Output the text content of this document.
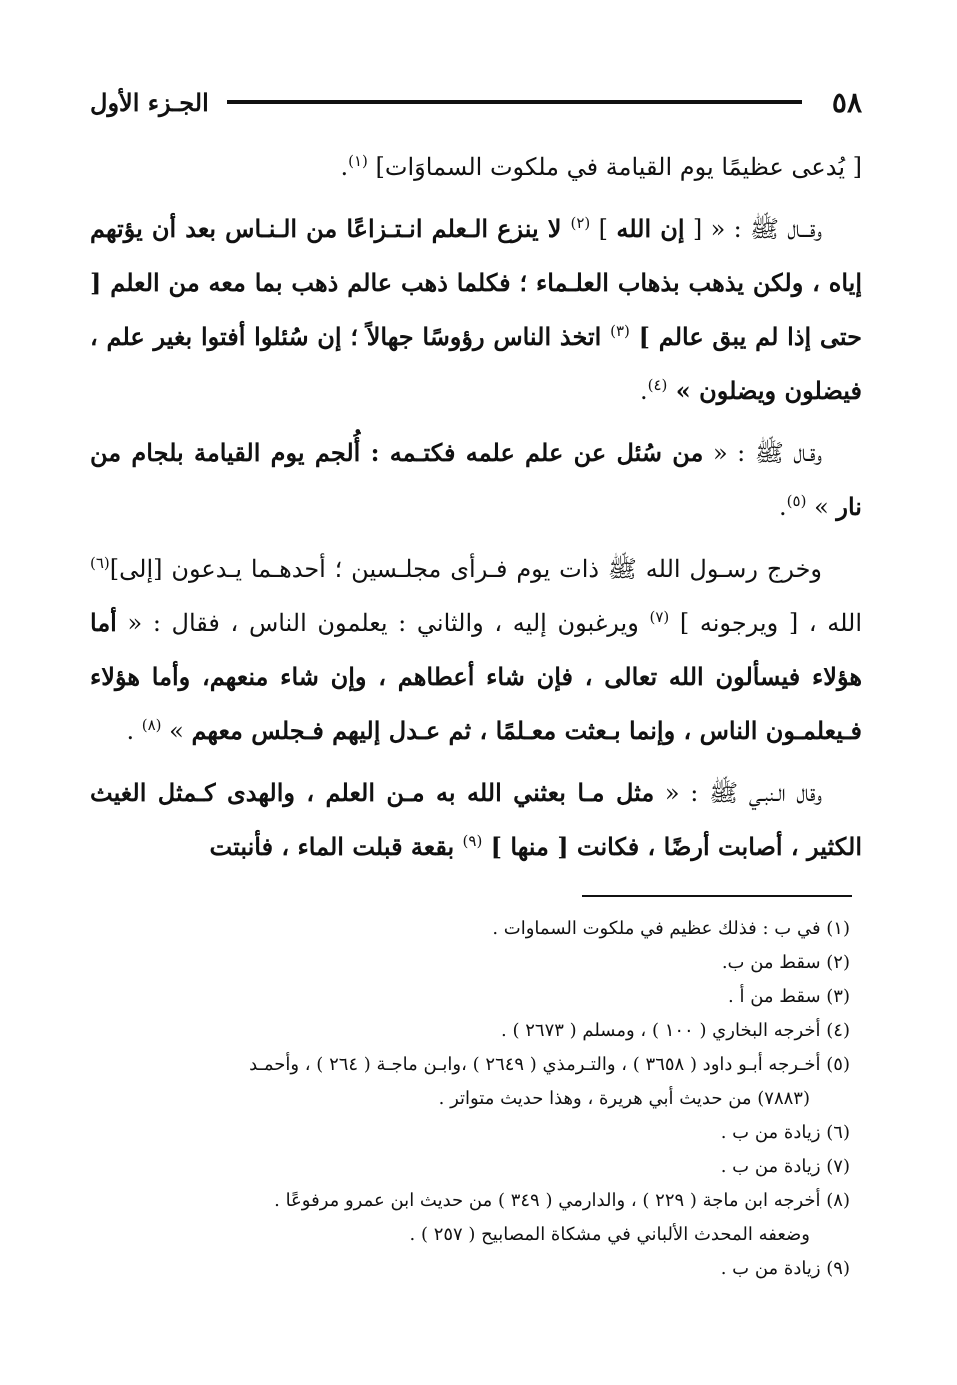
٥٨
الجـزء الأول

[ يُدعى عظيمًا يوم القيامة في ملكوت السماوَات] $^{(١)}$.

وقـــال ﷺ : « [ إن الله ] $^{(٢)}$ لا ينزع الـعلم انـتـزاعًا من الـنـاس بعد أن يؤتهم إياه ، ولكن يذهب بذهاب العلـماء ؛ فكلما ذهب عالم ذهب بما معه من العلم [ حتى إذا لم يبق عالم ] $^{(٣)}$ اتخذ الناس رؤوسًا جهالاً ؛ إن سُئلوا أفتوا بغير علم ، فيضلون ويضلون » $^{(٤)}$.

وقـال ﷺ : « من سُئل عن علم علمه فكتـمه : أُلجم يوم القيامة بلجام من نار » $^{(٥)}$.

وخرج رسـول الله ﷺ ذات يوم فـرأى مجلـسين ؛ أحدهـما يـدعون [إلى]$^{(٦)}$ الله ، [ ويرجونه ] $^{(٧)}$ ويرغبون إليه ، والثاني : يعلمون الناس ، فقال : « أما هؤلاء فيسألون الله تعالى ، فإن شاء أعطاهم ، وإن شاء منعهم، وأما هؤلاء فـيعلمـون الناس ، وإنما بـعثت معـلمًا ، ثم عـدل إليهم فـجلس معهم » $^{(٨)}$ .

وقال الـنبـي ﷺ : « مثل مـا بعثني الله به مـن العلم ، والهدى كـمثل الغيث الكثير ، أصابت أرضًا ، فكانت [ منها ] $^{(٩)}$ بقعة قبلت الماء ، فأنبتت

(١) في ب : فذلك عظيم في ملكوت السماوات .

(٢) سقط من ب.

(٣) سقط من أ .

(٤) أخرجه البخاري ( ١٠٠ ) ، ومسلم ( ٢٦٧٣ ) .

(٥) أخـرجه أبـو داود ( ٣٦٥٨ ) ، والتـرمذي ( ٢٦٤٩ ) ،وابـن ماجـة ( ٢٦٤ ) ، وأحمـد

(٧٨٨٣) من حديث أبي هريرة ، وهذا حديث متواتر .

(٦) زيادة من ب .

(٧) زيادة من ب .

(٨) أخرجه ابن ماجة ( ٢٢٩ ) ، والدارمي ( ٣٤٩ ) من حديث ابن عمرو مرفوعًا .

وضعفه المحدث الألباني في مشكاة المصابيح ( ٢٥٧ ) .

(٩) زيادة من ب .
